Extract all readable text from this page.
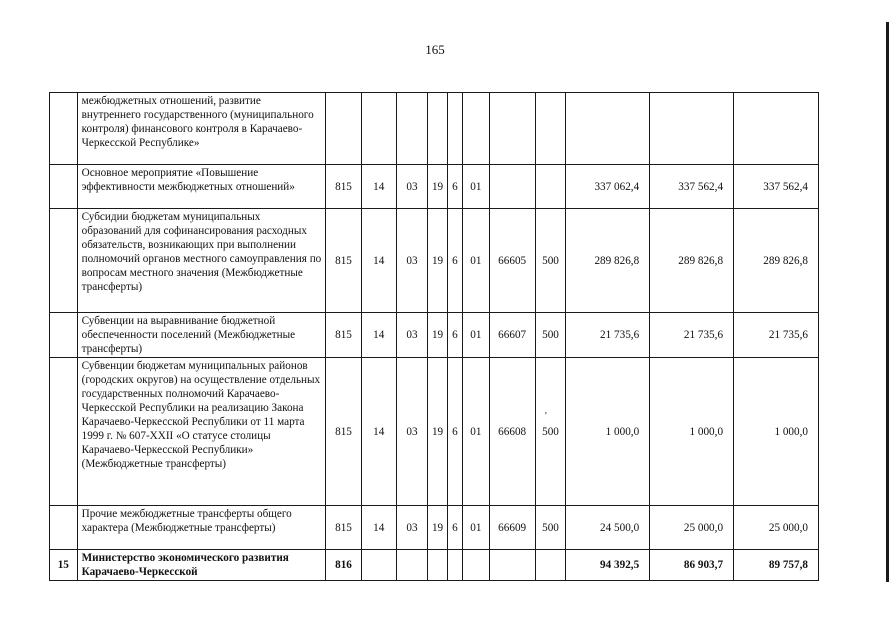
165
	межбюджетных отношений, развитие внутреннего государственного (муниципального контроля) финансового контроля в Карачаево-Черкесской Республике»											
	Основное мероприятие «Повышение эффективности межбюджетных отношений»	815	14	03	19	6	01			337 062,4	337 562,4	337 562,4
	Субсидии бюджетам муниципальных образований для софинансирования расходных обязательств, возникающих при выполнении полномочий органов местного самоуправления по вопросам местного значения (Межбюджетные трансферты)	815	14	03	19	6	01	66605	500	289 826,8	289 826,8	289 826,8
	Субвенции на выравнивание бюджетной обеспеченности поселений (Межбюджетные трансферты)	815	14	03	19	6	01	66607	500	21 735,6	21 735,6	21 735,6
	Субвенции бюджетам муниципальных районов (городских округов) на осуществление отдельных государственных полномочий Карачаево-Черкесской Республики на реализацию Закона Карачаево-Черкесской Республики от 11 марта 1999 г. № 607-XXII «О статусе столицы Карачаево-Черкесской Республики» (Межбюджетные трансферты)	815	14	03	19	6	01	66608	500	1 000,0	1 000,0	1 000,0
	Прочие межбюджетные трансферты общего характера (Межбюджетные трансферты)	815	14	03	19	6	01	66609	500	24 500,0	25 000,0	25 000,0
15	Министерство экономического развития Карачаево-Черкесской	816								94 392,5	86 903,7	89 757,8
'
